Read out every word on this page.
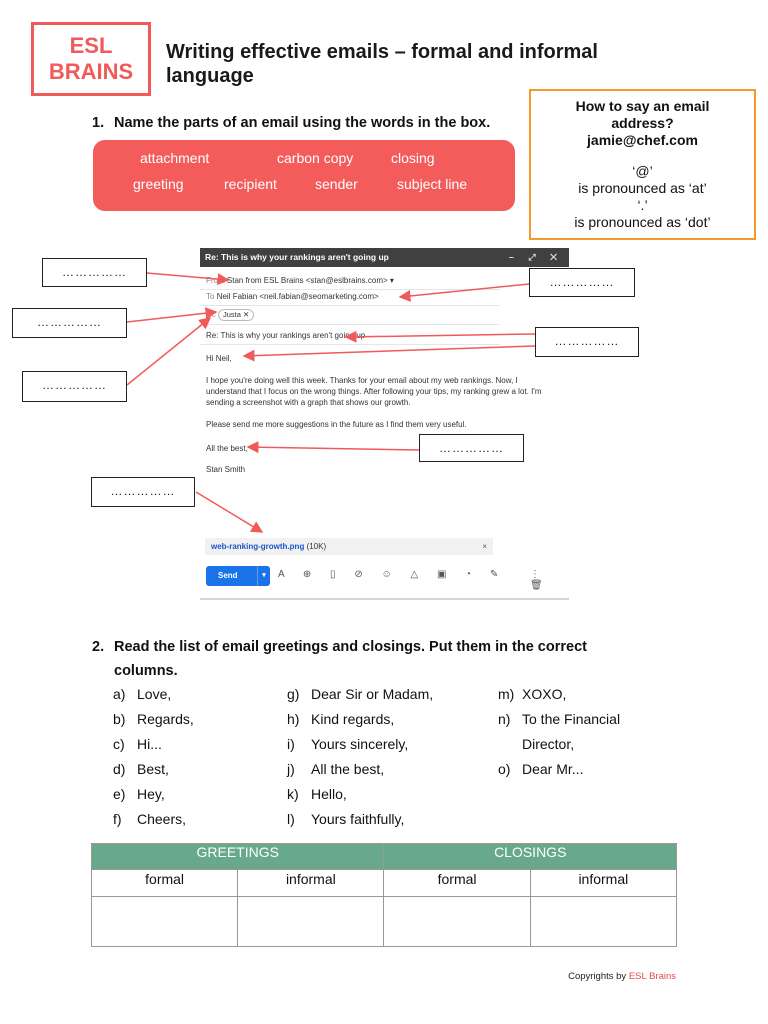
ESL
BRAINS
Writing effective emails – formal and informal language
How to say an email
address?
jamie@chef.com
‘@’
is pronounced as ‘at’
‘.’
is pronounced as ‘dot’
1. Name the parts of an email using the words in the box.
attachment	carbon copy	closing
greeting	recipient	sender	subject line
Re: This is why your rankings aren't going up	– ⤢ ✕
From Stan from ESL Brains <stan@eslbrains.com> ▾
To Neil Fabian <neil.fabian@seomarketing.com>
Cc Justa ✕
Re: This is why your rankings aren't going up
Hi Neil,
I hope you're doing well this week. Thanks for your email about my web rankings. Now, I
understand that I focus on the wrong things. After following your tips, my ranking grew a lot. I'm
sending a screenshot with a graph that shows our growth.
Please send me more suggestions in the future as I find them very useful.
All the best,
Stan Smith
web-ranking-growth.png (10K)	×
Send	▾	A ⊕ ▯ ⊘ ☺ △ ▣ ◔ ✎ ⋮ 🗑
……………
……………
……………
……………
……………
……………
……………
2. Read the list of email greetings and closings. Put them in the correct columns.
a) Love,
b) Regards,
c) Hi...
d) Best,
e) Hey,
f) Cheers,
g) Dear Sir or Madam,
h) Kind regards,
i) Yours sincerely,
j) All the best,
k) Hello,
l) Yours faithfully,
m) XOXO,
n) To the Financial
Director,
o) Dear Mr...
GREETINGS		CLOSINGS	
formal	informal	formal	informal

Copyrights by ESL Brains
